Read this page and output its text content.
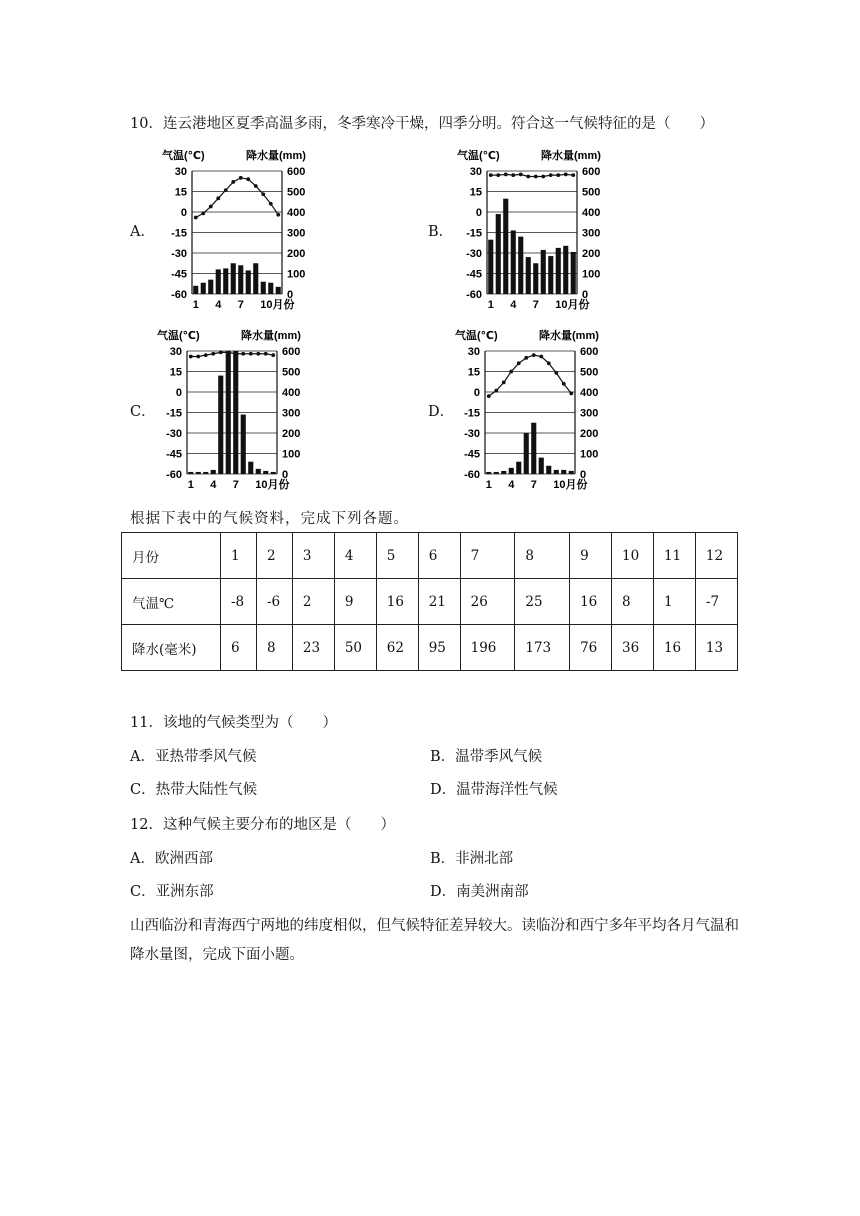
10．连云港地区夏季高温多雨，冬季寒冷干燥，四季分明。符合这一气候特征的是（　　）
A．	B．
C．	D．
气温(℃)	降水量(mm)
30
15
0
-15
-30
-45
-60
600
500
400
300
200
100
0
1 4 7 10月份
气温(℃)	降水量(mm)
30
15
0
-15
-30
-45
-60
600
500
400
300
200
100
0
1 4 7 10月份
气温(℃)	降水量(mm)
30
15
0
-15
-30
-45
-60
600
500
400
300
200
100
0
1 4 7 10月份
气温(℃)	降水量(mm)
30
15
0
-15
-30
-45
-60
600
500
400
300
200
100
0
1 4 7 10月份
根据下表中的气候资料，完成下列各题。
月份	1	2	3	4	5	6	7	8	9	10	11	12
气温℃	-8	-6	2	9	16	21	26	25	16	8	1	-7
降水(毫米)	6	8	23	50	62	95	196	173	76	36	16	13
11．该地的气候类型为（　　）
A．亚热带季风气候	B．温带季风气候
C．热带大陆性气候	D．温带海洋性气候
12．这种气候主要分布的地区是（　　）
A．欧洲西部	B．非洲北部
C．亚洲东部	D．南美洲南部
山西临汾和青海西宁两地的纬度相似，但气候特征差异较大。读临汾和西宁多年平均各月气温和降水量图，完成下面小题。
